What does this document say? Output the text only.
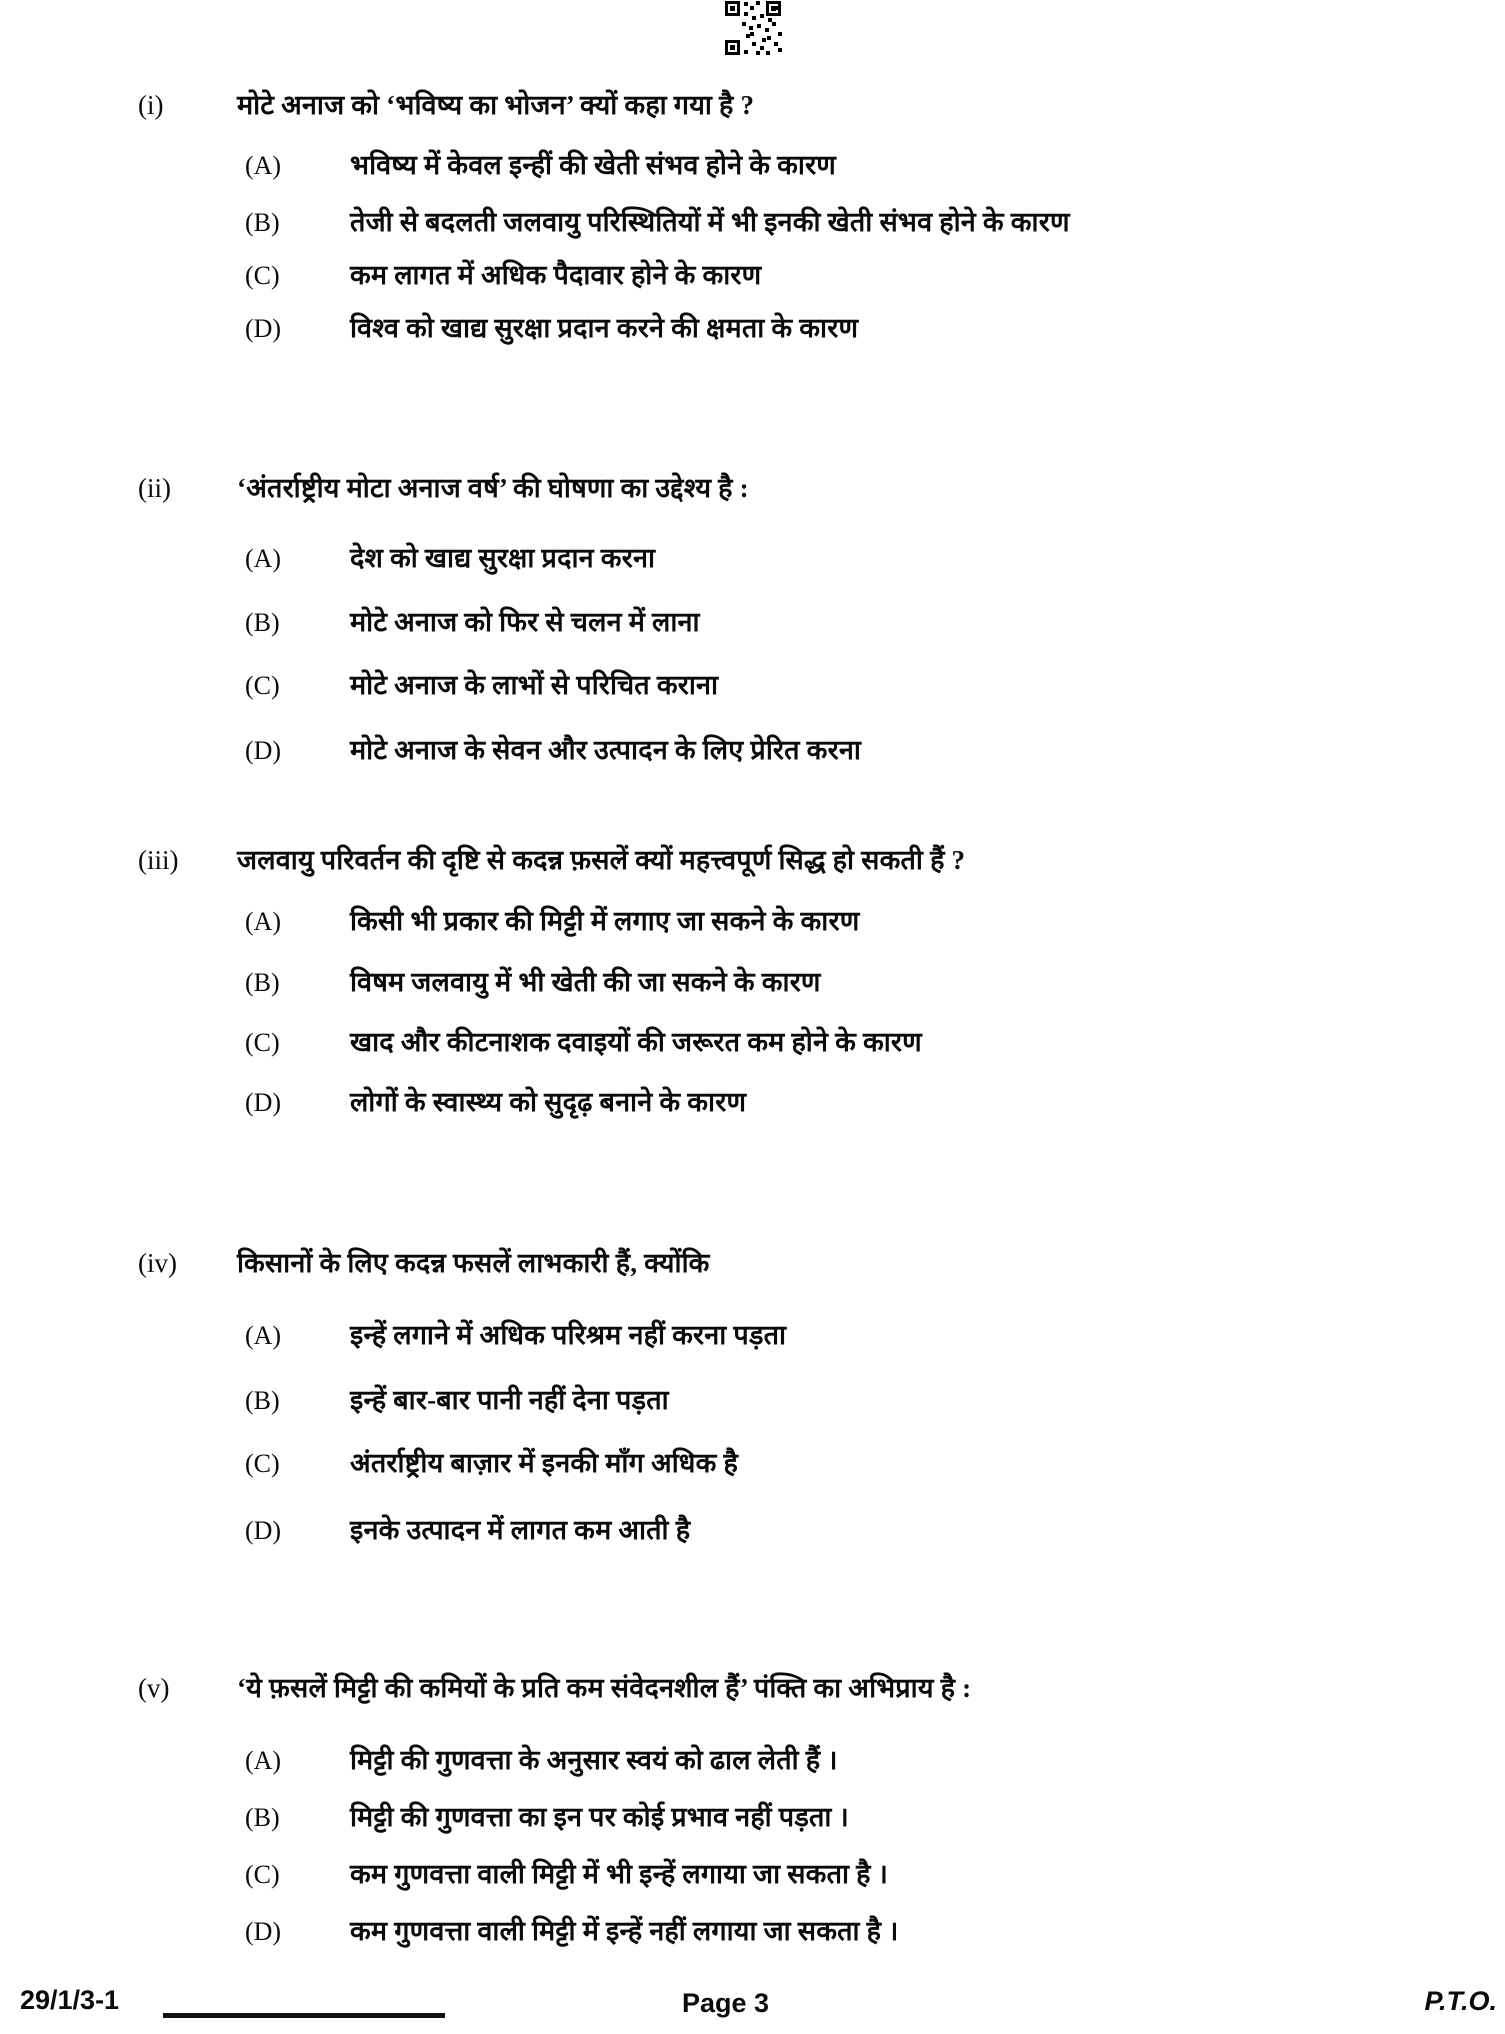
(i)	मोटे अनाज को ‘भविष्य का भोजन’ क्यों कहा गया है ?
(A)	भविष्य में केवल इन्हीं की खेती संभव होने के कारण
(B)	तेजी से बदलती जलवायु परिस्थितियों में भी इनकी खेती संभव होने के कारण
(C)	कम लागत में अधिक पैदावार होने के कारण
(D)	विश्व को खाद्य सुरक्षा प्रदान करने की क्षमता के कारण
(ii)	‘अंतर्राष्ट्रीय मोटा अनाज वर्ष’ की घोषणा का उद्देश्य है :
(A)	देश को खाद्य सुरक्षा प्रदान करना
(B)	मोटे अनाज को फिर से चलन में लाना
(C)	मोटे अनाज के लाभों से परिचित कराना
(D)	मोटे अनाज के सेवन और उत्पादन के लिए प्रेरित करना
(iii)	जलवायु परिवर्तन की दृष्टि से कदन्न फ़सलें क्यों महत्त्वपूर्ण सिद्ध हो सकती हैं ?
(A)	किसी भी प्रकार की मिट्टी में लगाए जा सकने के कारण
(B)	विषम जलवायु में भी खेती की जा सकने के कारण
(C)	खाद और कीटनाशक दवाइयों की जरूरत कम होने के कारण
(D)	लोगों के स्वास्थ्य को सुदृढ़ बनाने के कारण
(iv)	किसानों के लिए कदन्न फसलें लाभकारी हैं, क्योंकि
(A)	इन्हें लगाने में अधिक परिश्रम नहीं करना पड़ता
(B)	इन्हें बार-बार पानी नहीं देना पड़ता
(C)	अंतर्राष्ट्रीय बाज़ार में इनकी माँग अधिक है
(D)	इनके उत्पादन में लागत कम आती है
(v)	‘ये फ़सलें मिट्टी की कमियों के प्रति कम संवेदनशील हैं’ पंक्ति का अभिप्राय है :
(A)	मिट्टी की गुणवत्ता के अनुसार स्वयं को ढाल लेती हैं ।
(B)	मिट्टी की गुणवत्ता का इन पर कोई प्रभाव नहीं पड़ता ।
(C)	कम गुणवत्ता वाली मिट्टी में भी इन्हें लगाया जा सकता है ।
(D)	कम गुणवत्ता वाली मिट्टी में इन्हें नहीं लगाया जा सकता है ।
29/1/3-1	Page 3	P.T.O.
